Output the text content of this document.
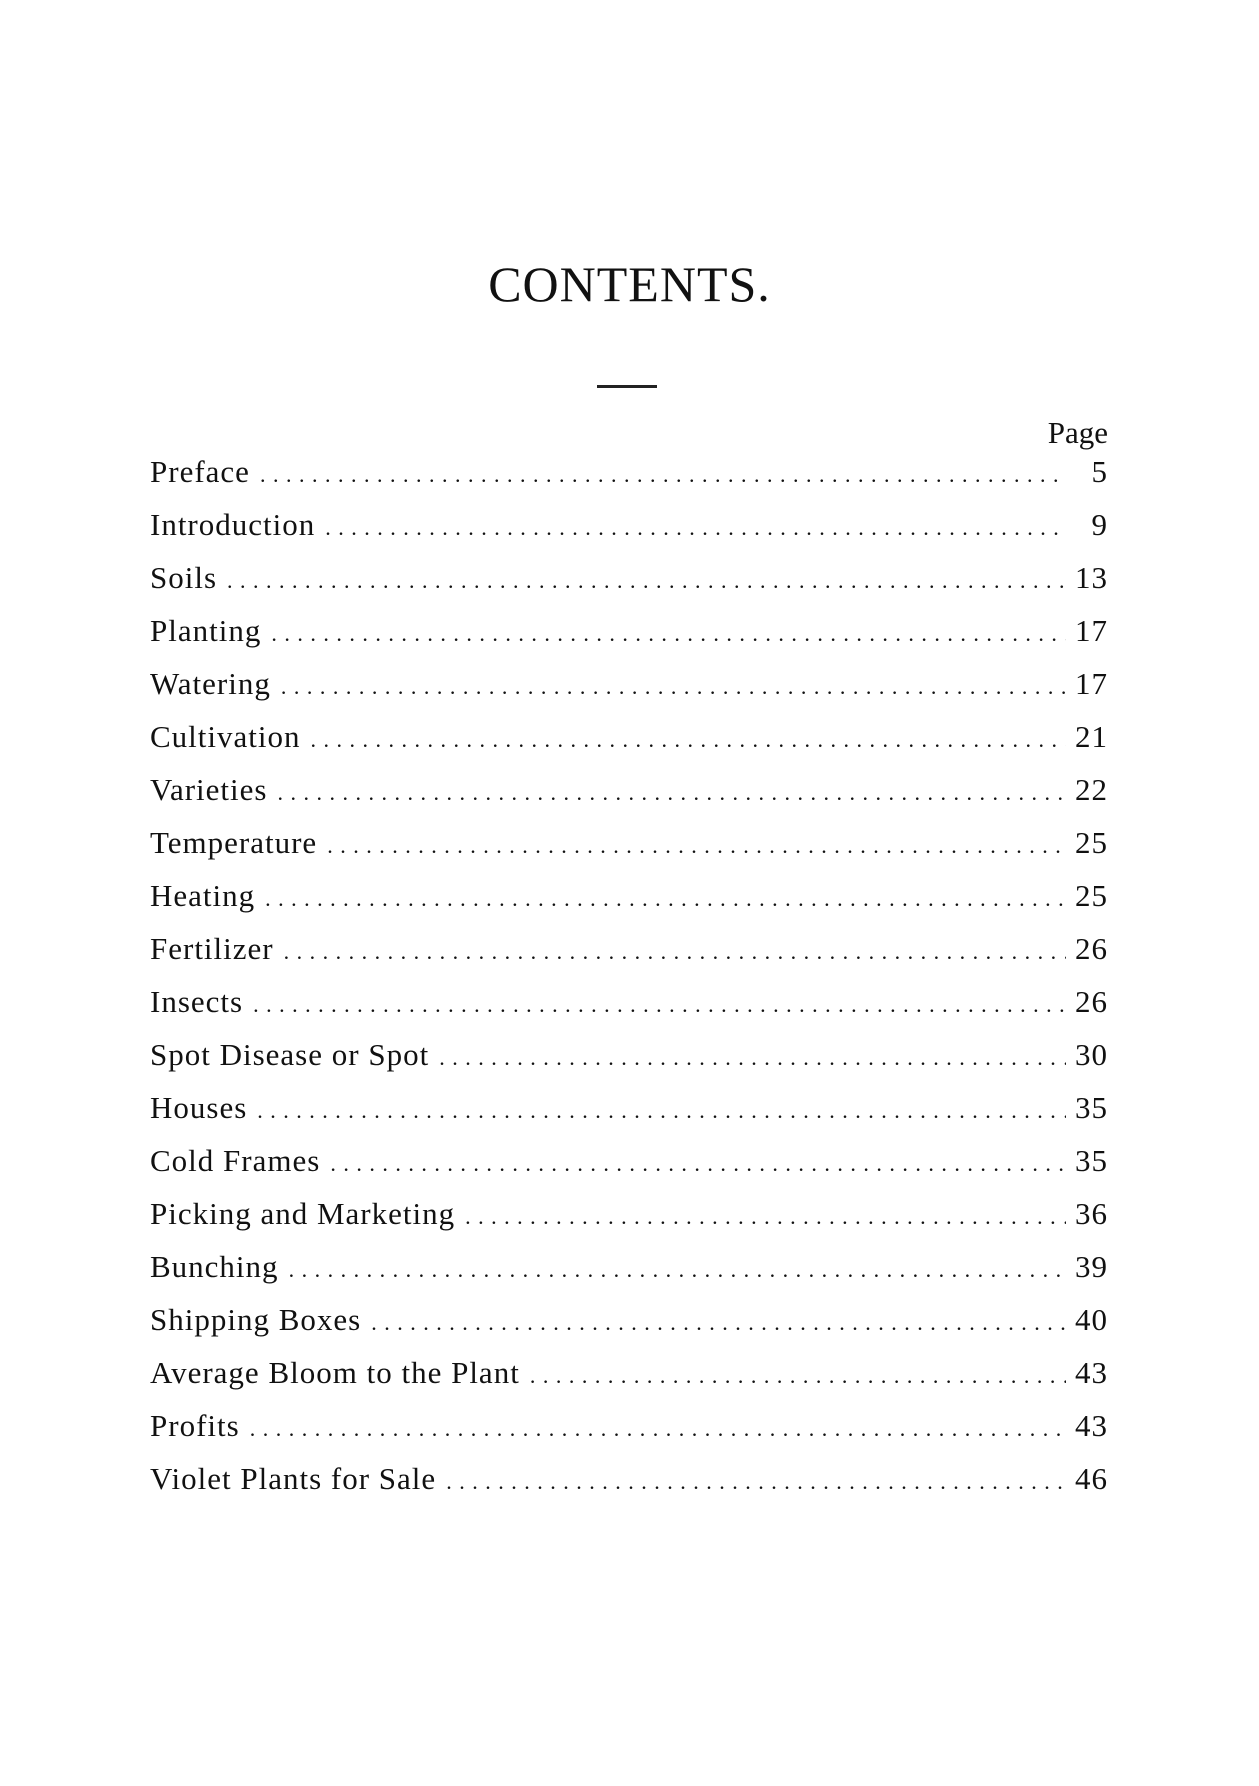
CONTENTS.
Page
Preface . . .	5
Introduction . . .	9
Soils . . .	13
Planting . . .	17
Watering . . .	17
Cultivation . . .	21
Varieties . . .	22
Temperature . . .	25
Heating . . .	25
Fertilizer . . .	26
Insects . . .	26
Spot Disease or Spot . . .	30
Houses . . .	35
Cold Frames . . .	35
Picking and Marketing . . .	36
Bunching . . .	39
Shipping Boxes . . .	40
Average Bloom to the Plant . . .	43
Profits . . .	43
Violet Plants for Sale . . .	46
